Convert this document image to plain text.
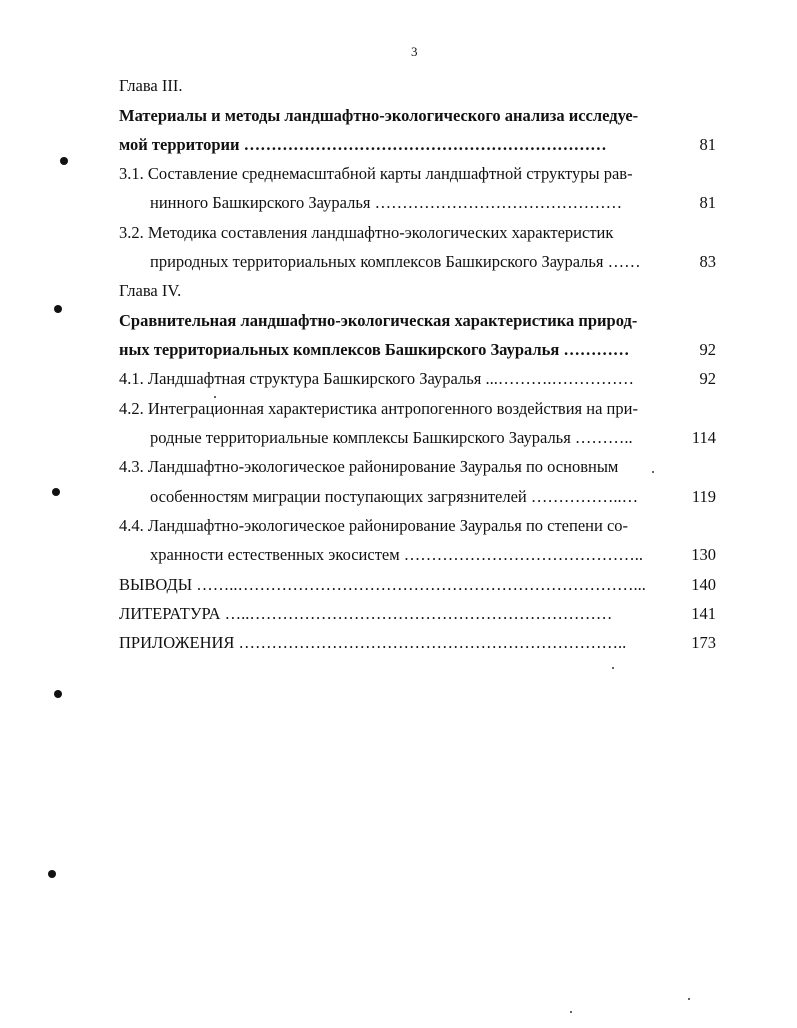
3
Глава III.
Материалы и методы ландшафтно-экологического анализа исследуе-
мой территории …………………………………………………………	81
3.1. Составление среднемасштабной карты ландшафтной структуры рав-
нинного Башкирского Зауралья ………………………………………	81
3.2. Методика составления ландшафтно-экологических характеристик
природных территориальных комплексов Башкирского Зауралья ……	83
Глава IV.
Сравнительная ландшафтно-экологическая характеристика природ-
ных территориальных комплексов Башкирского Зауралья …………	92
4.1. Ландшафтная структура Башкирского Зауралья ...……….……………	92
4.2. Интеграционная характеристика антропогенного воздействия на при-
родные территориальные комплексы Башкирского Зауралья ………..	114
4.3. Ландшафтно-экологическое районирование Зауралья по основным
особенностям миграции поступающих загрязнителей ……………..…	119
4.4. Ландшафтно-экологическое районирование Зауралья по степени со-
хранности естественных экосистем ……………………………………..	130
ВЫВОДЫ ……..………………………………………………………………...	140
ЛИТЕРАТУРА …..…………………………………………………………	141
ПРИЛОЖЕНИЯ ……………………………………………………………..	173
